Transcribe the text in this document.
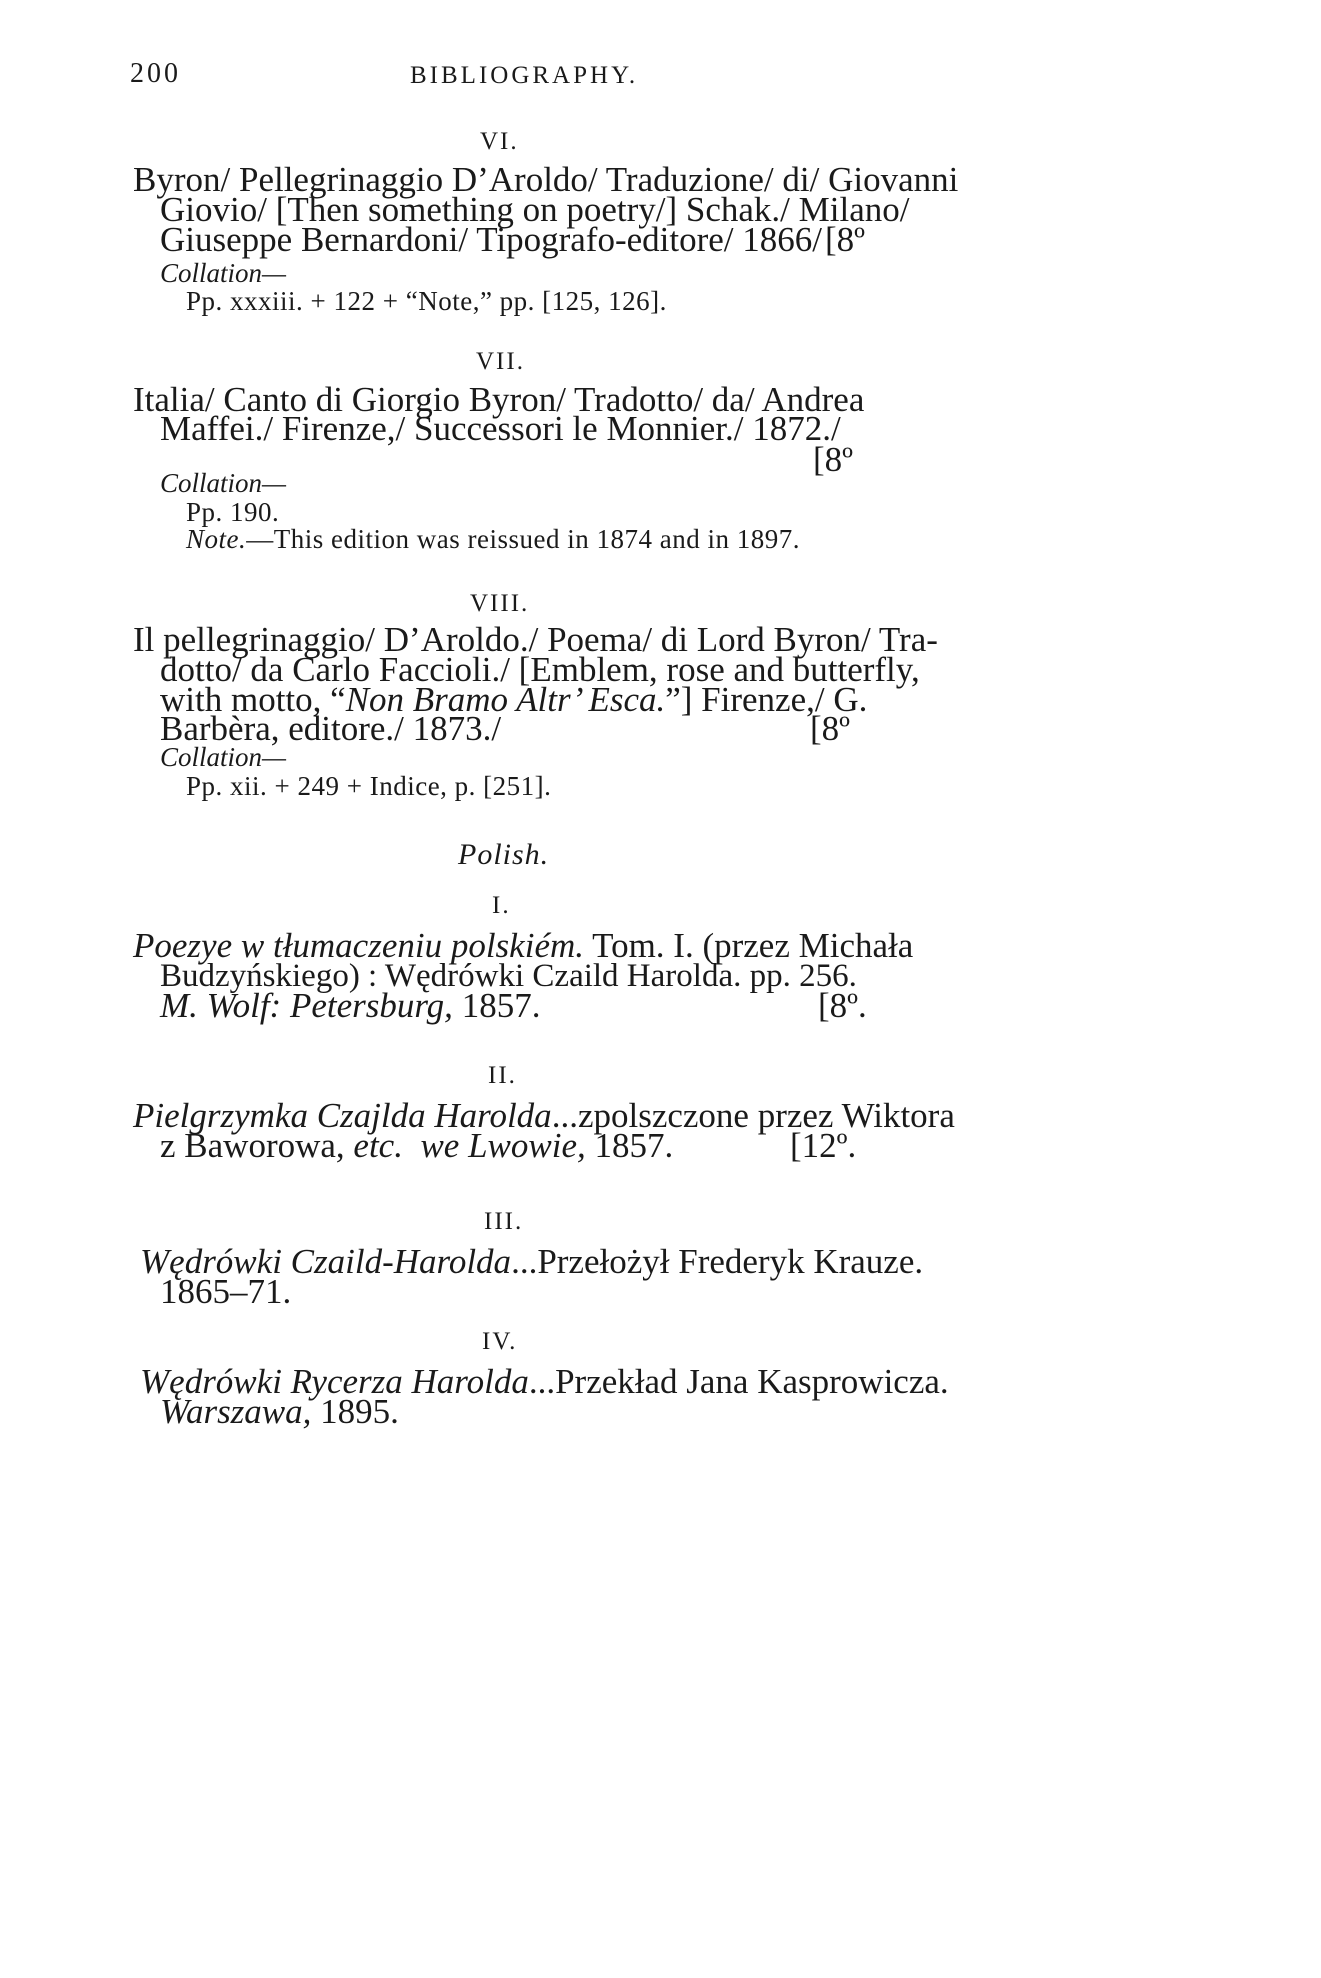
200	BIBLIOGRAPHY.
VI.
Byron/ Pellegrinaggio D’Aroldo/ Traduzione/ di/ Giovanni
Giovio/ [Then something on poetry/] Schak./ Milano/
Giuseppe Bernardoni/ Tipografo-editore/ 1866/ [8º
Collation—
Pp. xxxiii. + 122 + “Note,” pp. [125, 126].
VII.
Italia/ Canto di Giorgio Byron/ Tradotto/ da/ Andrea
Maffei./ Firenze,/ Successori le Monnier./ 1872./
[8º
Collation—
Pp. 190.
Note.—This edition was reissued in 1874 and in 1897.
VIII.
Il pellegrinaggio/ D’Aroldo./ Poema/ di Lord Byron/ Tra-
dotto/ da Carlo Faccioli./ [Emblem, rose and butterfly,
with motto, “Non Bramo Altr’ Esca.”] Firenze,/ G.
Barbèra, editore./ 1873./	[8º
Collation—
Pp. xii. + 249 + Indice, p. [251].
Polish.
I.
Poezye w tłumaczeniu polskiém. Tom. I. (przez Michała
Budzyńskiego) : Wędrówki Czaild Harolda. pp. 256.
M. Wolf: Petersburg, 1857.	[8º.
II.
Pielgrzymka Czajlda Harolda...zpolszczone przez Wiktora
z Baworowa, etc. we Lwowie, 1857.	[12º.
III.
Wędrówki Czaild-Harolda...Przełożył Frederyk Krauze.
1865–71.
IV.
Wędrówki Rycerza Harolda...Przekład Jana Kasprowicza.
Warszawa, 1895.
